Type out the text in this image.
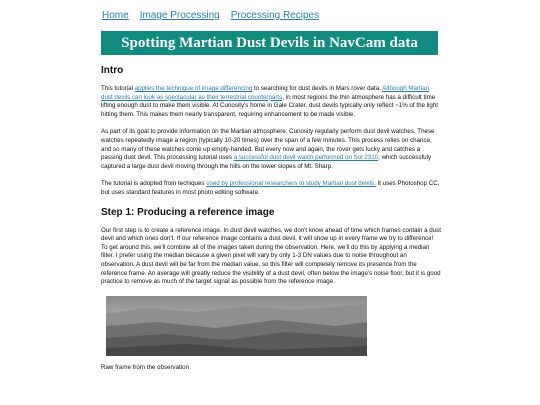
Home Image Processing Processing Recipes
Spotting Martian Dust Devils in NavCam data
Intro

This tutorial applies the technique of image differencing to searching for dust devils in Mars rover data. Although Martian dust devils can look as spectacular as their terrestrial counterparts, in most regions the thin atmosphere has a difficult time lifting enough dust to make them visible. At Curiosity's home in Gale Crater, dust devils typically only reflect ~1% of the light hitting them. This makes them nearly transparent, requiring enhancement to be made visible.

As part of its goal to provide information on the Martian atmosphere, Curiosity regularly perform dust devil watches. These watches repeatedly image a region (typically 10-20 times) over the span of a few minutes. This process relies on chance, and so many of these watches come up empty-handed. But every now and again, the rover gets lucky and catches a passing dust devil. This processing tutorial uses a successful dust devil watch performed on Sol 2310, which successfuly captured a large dust devil moving through the hills on the lower slopes of Mt. Sharp.

The tutorial is adopted from techiques used by professional researchers to study Martian dust devils. It uses Photoshop CC, but uses standard features in most photo editing software.

Step 1: Producing a reference image

Our first step is to create a reference image. In dust devil watches, we don't know ahead of time which frames contain a dust devil and which ones don't. If our reference image contains a dust devil, it will show up in every frame we try to difference! To get around this, we'll combine all of the images taken during the observation. Here, we'll do this by applying a median filter. I prefer using the median because a given pixel will vary by only 1-3 DN values due to noise throughout an observation. A dust devil will be far from the median value, so this filter will completely remove its presence from the reference frame. An average will greatly reduce the visibility of a dust devil, often below the image's noise floor, but it is good practice to remove as much of the target signal as possible from the reference image.

Raw frame from the observation
